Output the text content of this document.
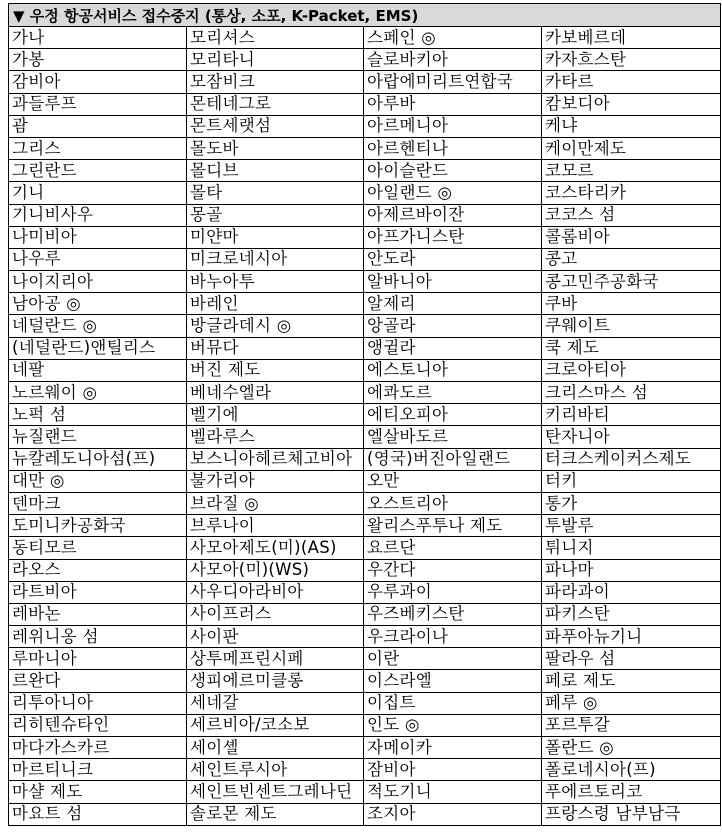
▼ 우정 항공서비스 접수중지 (통상, 소포, K-Packet, EMS)			
가나	모리셔스	스페인 ◎	카보베르데
가봉	모리타니	슬로바키아	카자흐스탄
감비아	모잠비크	아랍에미리트연합국	카타르
과들루프	몬테네그로	아루바	캄보디아
괌	몬트세랫섬	아르메니아	케냐
그리스	몰도바	아르헨티나	케이만제도
그린란드	몰디브	아이슬란드	코모르
기니	몰타	아일랜드 ◎	코스타리카
기니비사우	몽골	아제르바이잔	코코스 섬
나미비아	미얀마	아프가니스탄	콜롬비아
나우루	미크로네시아	안도라	콩고
나이지리아	바누아투	알바니아	콩고민주공화국
남아공 ◎	바레인	알제리	쿠바
네덜란드 ◎	방글라데시 ◎	앙골라	쿠웨이트
(네덜란드)앤틸리스	버뮤다	앵귈라	쿡 제도
네팔	버진 제도	에스토니아	크로아티아
노르웨이 ◎	베네수엘라	에콰도르	크리스마스 섬
노퍽 섬	벨기에	에티오피아	키리바티
뉴질랜드	벨라루스	엘살바도르	탄자니아
뉴칼레도니아섬(프)	보스니아헤르체고비아	(영국)버진아일랜드	터크스케이커스제도
대만 ◎	불가리아	오만	터키
덴마크	브라질 ◎	오스트리아	통가
도미니카공화국	브루나이	왈리스푸투나 제도	투발루
동티모르	사모아제도(미)(AS)	요르단	튀니지
라오스	사모아(미)(WS)	우간다	파나마
라트비아	사우디아라비아	우루과이	파라과이
레바논	사이프러스	우즈베키스탄	파키스탄
레위니옹 섬	사이판	우크라이나	파푸아뉴기니
루마니아	상투메프린시페	이란	팔라우 섬
르완다	생피에르미클롱	이스라엘	페로 제도
리투아니아	세네갈	이집트	페루 ◎
리히텐슈타인	세르비아/코소보	인도 ◎	포르투갈
마다가스카르	세이셸	자메이카	폴란드 ◎
마르티니크	세인트루시아	잠비아	폴로네시아(프)
마샬 제도	세인트빈센트그레나딘	적도기니	푸에르토리코
마요트 섬	솔로몬 제도	조지아	프랑스령 남부남극
